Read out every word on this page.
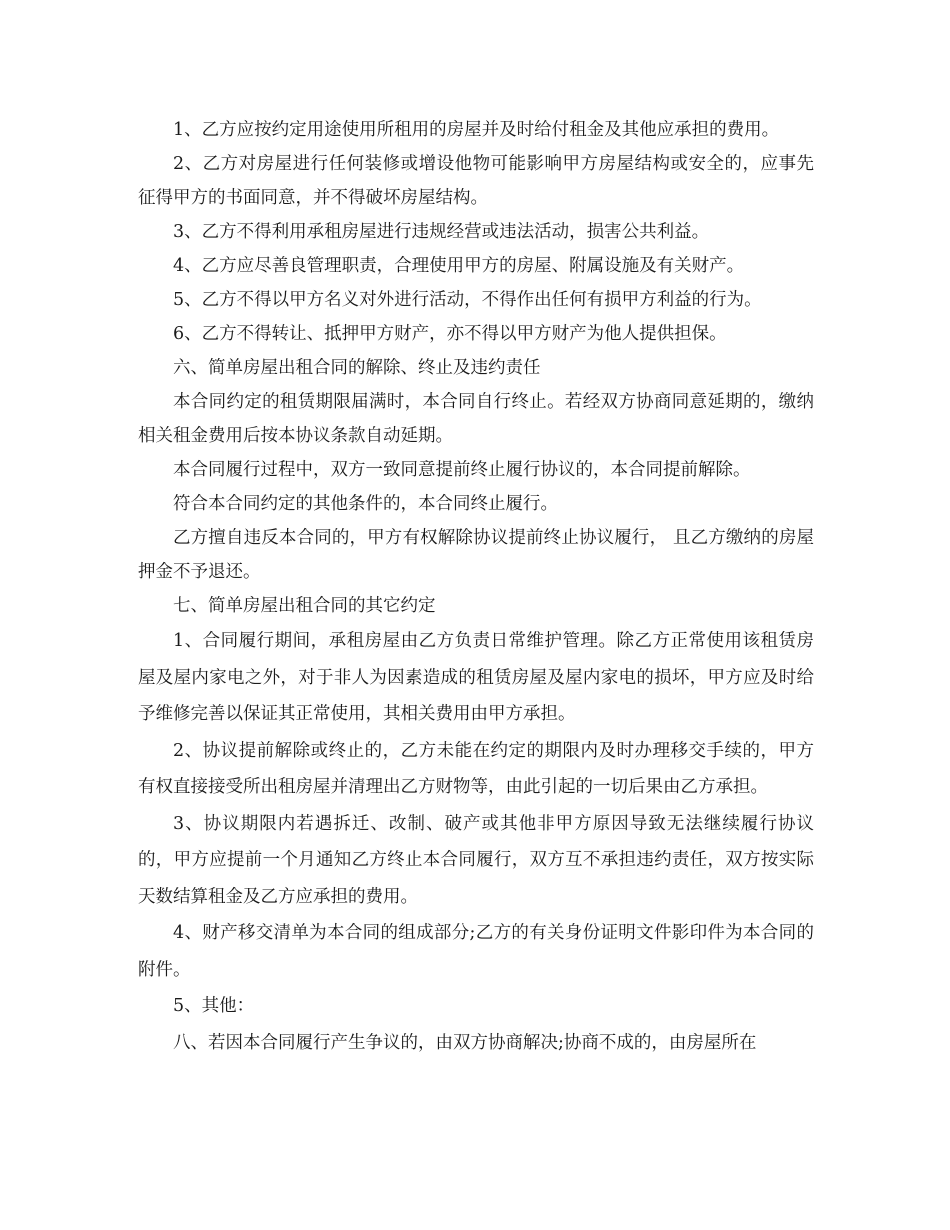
1、乙方应按约定用途使用所租用的房屋并及时给付租金及其他应承担的费用。

2、乙方对房屋进行任何装修或增设他物可能影响甲方房屋结构或安全的，应事先征得甲方的书面同意，并不得破坏房屋结构。

3、乙方不得利用承租房屋进行违规经营或违法活动，损害公共利益。

4、乙方应尽善良管理职责，合理使用甲方的房屋、附属设施及有关财产。

5、乙方不得以甲方名义对外进行活动，不得作出任何有损甲方利益的行为。

6、乙方不得转让、抵押甲方财产，亦不得以甲方财产为他人提供担保。

六、简单房屋出租合同的解除、终止及违约责任

本合同约定的租赁期限届满时，本合同自行终止。若经双方协商同意延期的，缴纳相关租金费用后按本协议条款自动延期。

本合同履行过程中，双方一致同意提前终止履行协议的，本合同提前解除。

符合本合同约定的其他条件的，本合同终止履行。

乙方擅自违反本合同的，甲方有权解除协议提前终止协议履行， 且乙方缴纳的房屋押金不予退还。

七、简单房屋出租合同的其它约定

1、合同履行期间，承租房屋由乙方负责日常维护管理。除乙方正常使用该租赁房屋及屋内家电之外，对于非人为因素造成的租赁房屋及屋内家电的损坏，甲方应及时给予维修完善以保证其正常使用，其相关费用由甲方承担。

2、协议提前解除或终止的，乙方未能在约定的期限内及时办理移交手续的，甲方有权直接接受所出租房屋并清理出乙方财物等，由此引起的一切后果由乙方承担。

3、协议期限内若遇拆迁、改制、破产或其他非甲方原因导致无法继续履行协议的，甲方应提前一个月通知乙方终止本合同履行，双方互不承担违约责任，双方按实际天数结算租金及乙方应承担的费用。

4、财产移交清单为本合同的组成部分;乙方的有关身份证明文件影印件为本合同的附件。

5、其他：

八、若因本合同履行产生争议的，由双方协商解决;协商不成的，由房屋所在
